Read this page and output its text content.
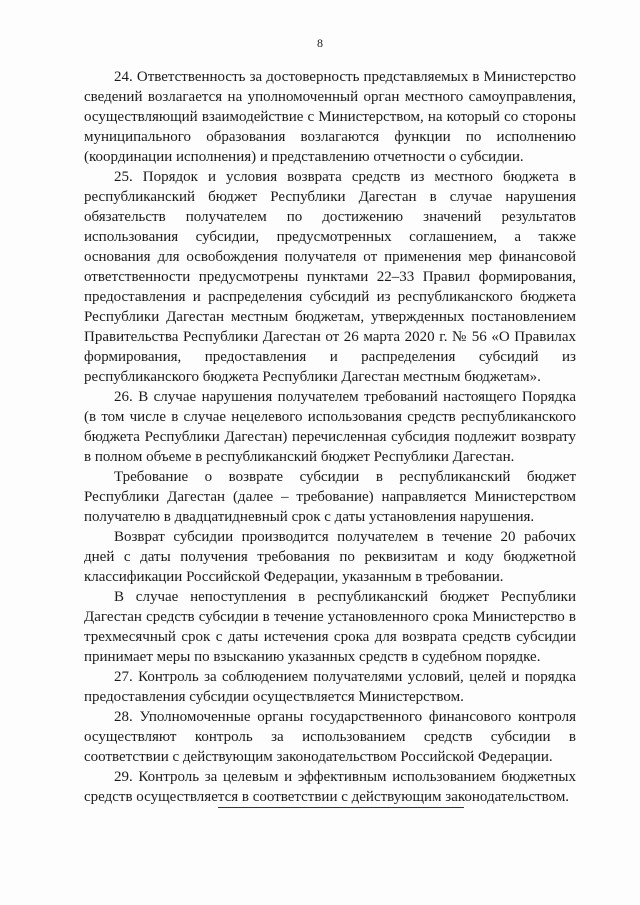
8

24. Ответственность за достоверность представляемых в Министерство сведений возлагается на уполномоченный орган местного самоуправления, осуществляющий взаимодействие с Министерством, на который со стороны муниципального образования возлагаются функции по исполнению (координации исполнения) и представлению отчетности о субсидии.

25. Порядок и условия возврата средств из местного бюджета в республиканский бюджет Республики Дагестан в случае нарушения обязательств получателем по достижению значений результатов использования субсидии, предусмотренных соглашением, а также основания для освобождения получателя от применения мер финансовой ответственности предусмотрены пунктами 22–33 Правил формирования, предоставления и распределения субсидий из республиканского бюджета Республики Дагестан местным бюджетам, утвержденных постановлением Правительства Республики Дагестан от 26 марта 2020 г. № 56 «О Правилах формирования, предоставления и распределения субсидий из республиканского бюджета Республики Дагестан местным бюджетам».

26. В случае нарушения получателем требований настоящего Порядка (в том числе в случае нецелевого использования средств республиканского бюджета Республики Дагестан) перечисленная субсидия подлежит возврату в полном объеме в республиканский бюджет Республики Дагестан.

Требование о возврате субсидии в республиканский бюджет Республики Дагестан (далее – требование) направляется Министерством получателю в двадцатидневный срок с даты установления нарушения.

Возврат субсидии производится получателем в течение 20 рабочих дней с даты получения требования по реквизитам и коду бюджетной классификации Российской Федерации, указанным в требовании.

В случае непоступления в республиканский бюджет Республики Дагестан средств субсидии в течение установленного срока Министерство в трехмесячный срок с даты истечения срока для возврата средств субсидии принимает меры по взысканию указанных средств в судебном порядке.

27. Контроль за соблюдением получателями условий, целей и порядка предоставления субсидии осуществляется Министерством.

28. Уполномоченные органы государственного финансового контроля осуществляют контроль за использованием средств субсидии в соответствии с действующим законодательством Российской Федерации.

29. Контроль за целевым и эффективным использованием бюджетных средств осуществляется в соответствии с действующим законодательством.
